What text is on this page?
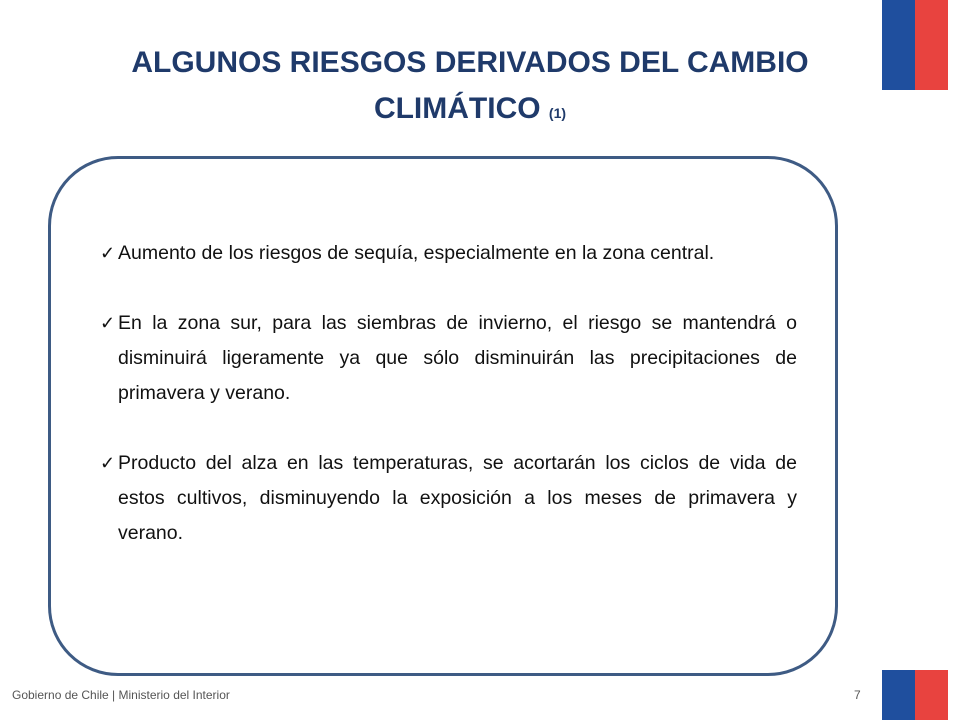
ALGUNOS RIESGOS DERIVADOS DEL CAMBIO CLIMÁTICO (1)
✓ Aumento de los riesgos de sequía, especialmente en la zona central.
✓ En la zona sur, para las siembras de invierno, el riesgo se mantendrá o disminuirá ligeramente ya que sólo disminuirán las precipitaciones de primavera y verano.
✓ Producto del alza en las temperaturas, se acortarán los ciclos de vida de estos cultivos, disminuyendo la exposición a los meses de primavera y verano.
Gobierno de Chile | Ministerio del Interior	7
